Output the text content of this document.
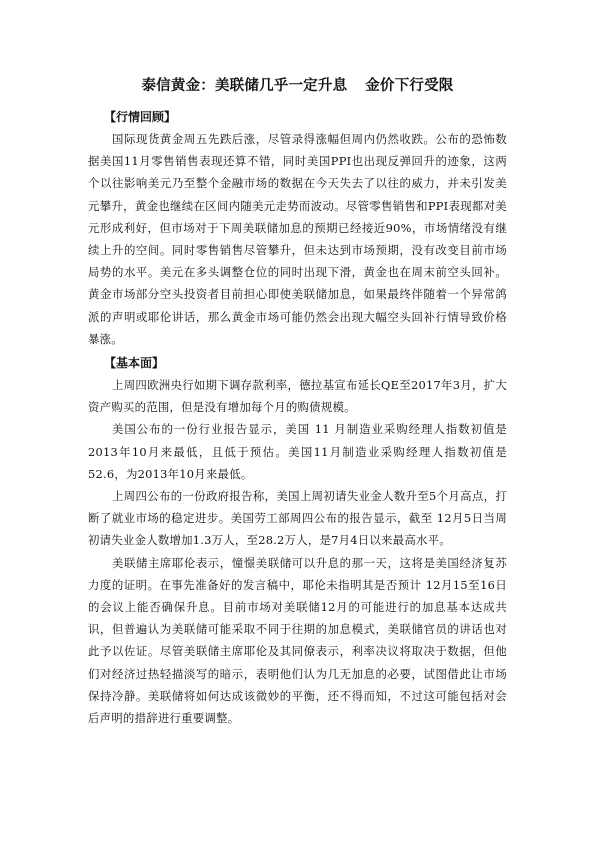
泰信黄金：美联储几乎一定升息 金价下行受限
【行情回顾】

国际现货黄金周五先跌后涨，尽管录得涨幅但周内仍然收跌。公布的恐怖数据美国11月零售销售表现还算不错，同时美国PPI也出现反弹回升的迹象，这两个以往影响美元乃至整个金融市场的数据在今天失去了以往的威力，并未引发美元攀升，黄金也继续在区间内随美元走势而波动。尽管零售销售和PPI表现都对美元形成利好，但市场对于下周美联储加息的预期已经接近90%，市场情绪没有继续上升的空间。同时零售销售尽管攀升，但未达到市场预期，没有改变目前市场局势的水平。美元在多头调整仓位的同时出现下滑，黄金也在周末前空头回补。黄金市场部分空头投资者目前担心即使美联储加息，如果最终伴随着一个异常鸽派的声明或耶伦讲话，那么黄金市场可能仍然会出现大幅空头回补行情导致价格暴涨。

【基本面】

上周四欧洲央行如期下调存款利率，德拉基宣布延长QE至2017年3月，扩大资产购买的范围，但是没有增加每个月的购债规模。

美国公布的一份行业报告显示，美国 11 月制造业采购经理人指数初值是2013年10月来最低，且低于预估。美国11月制造业采购经理人指数初值是52.6，为2013年10月来最低。

上周四公布的一份政府报告称，美国上周初请失业金人数升至5个月高点，打断了就业市场的稳定进步。美国劳工部周四公布的报告显示，截至 12月5日当周初请失业金人数增加1.3万人，至28.2万人，是7月4日以来最高水平。

美联储主席耶伦表示，憧憬美联储可以升息的那一天，这将是美国经济复苏力度的证明。在事先准备好的发言稿中，耶伦未指明其是否预计 12月15至16日的会议上能否确保升息。目前市场对美联储12月的可能进行的加息基本达成共识，但普遍认为美联储可能采取不同于往期的加息模式，美联储官员的讲话也对此予以佐证。尽管美联储主席耶伦及其同僚表示，利率决议将取决于数据，但他们对经济过热轻描淡写的暗示，表明他们认为几无加息的必要，试图借此让市场保持冷静。美联储将如何达成该微妙的平衡，还不得而知，不过这可能包括对会后声明的措辞进行重要调整。
